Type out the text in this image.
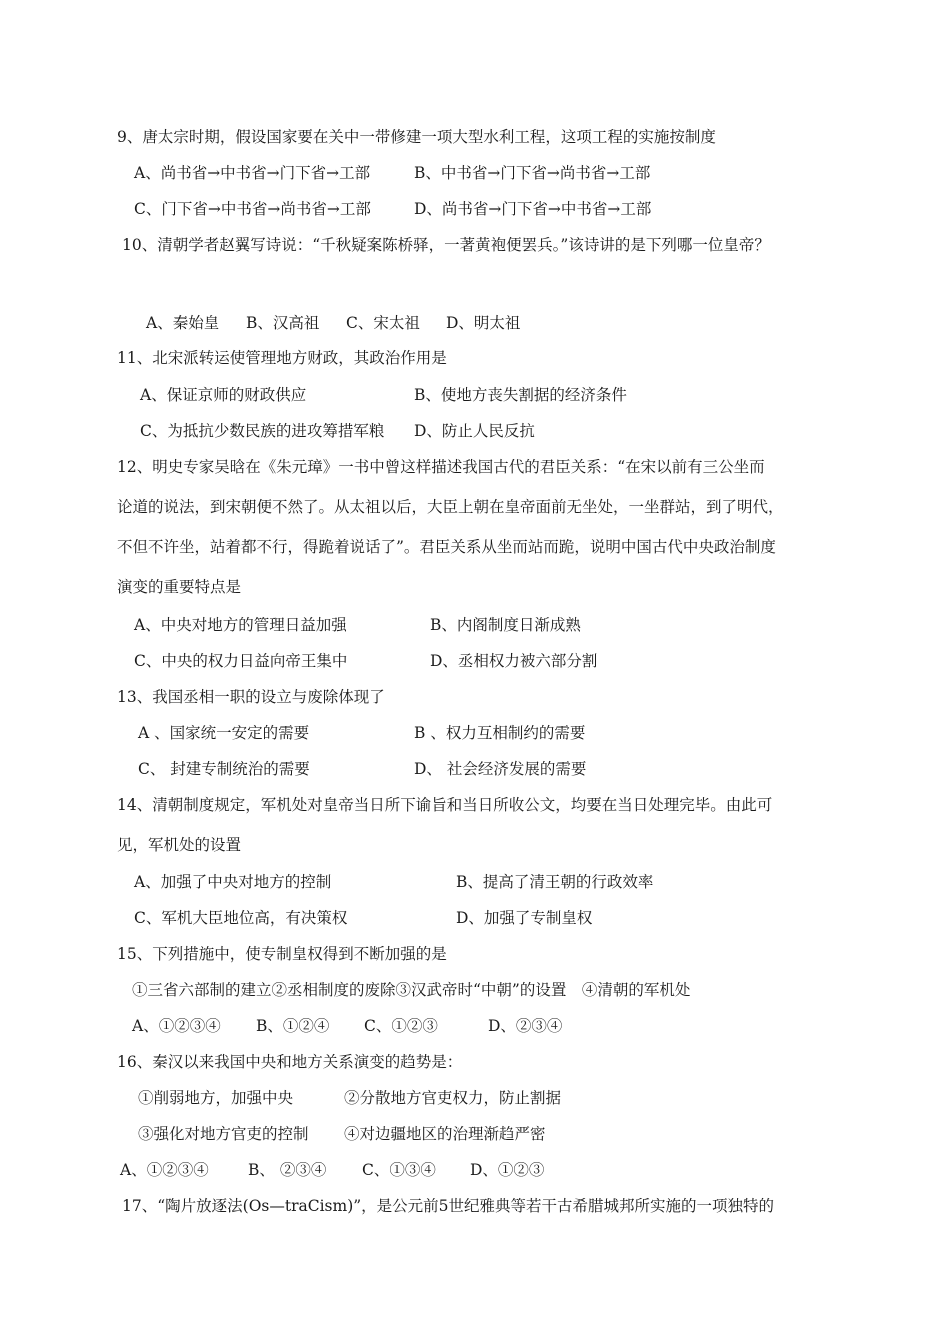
9、唐太宗时期，假设国家要在关中一带修建一项大型水利工程，这项工程的实施按制度
A、尚书省→中书省→门下省→工部	B、中书省→门下省→尚书省→工部
C、门下省→中书省→尚书省→工部	D、尚书省→门下省→中书省→工部
10、清朝学者赵翼写诗说：“千秋疑案陈桥驿，一著黄袍便罢兵。”该诗讲的是下列哪一位皇帝？
A、秦始皇 B、汉高祖 C、宋太祖 D、明太祖
11、北宋派转运使管理地方财政，其政治作用是
A、保证京师的财政供应	B、使地方丧失割据的经济条件
C、为抵抗少数民族的进攻筹措军粮 D、防止人民反抗
12、明史专家吴晗在《朱元璋》一书中曾这样描述我国古代的君臣关系：“在宋以前有三公坐而
论道的说法，到宋朝便不然了。从太祖以后，大臣上朝在皇帝面前无坐处，一坐群站，到了明代，
不但不许坐，站着都不行，得跪着说话了”。君臣关系从坐而站而跪，说明中国古代中央政治制度
演变的重要特点是
A、中央对地方的管理日益加强	B、内阁制度日渐成熟
C、中央的权力日益向帝王集中	D、丞相权力被六部分割
13、我国丞相一职的设立与废除体现了
A 、国家统一安定的需要	B 、权力互相制约的需要
C、 封建专制统治的需要	D、 社会经济发展的需要
14、清朝制度规定，军机处对皇帝当日所下谕旨和当日所收公文，均要在当日处理完毕。由此可
见，军机处的设置
A、加强了中央对地方的控制	B、提高了清王朝的行政效率
C、军机大臣地位高，有决策权	D、加强了专制皇权
15、下列措施中，使专制皇权得到不断加强的是
①三省六部制的建立②丞相制度的废除③汉武帝时“中朝”的设置　④清朝的军机处
A、①②③④ B、①②④ C、①②③	D、②③④
16、秦汉以来我国中央和地方关系演变的趋势是：
①削弱地方，加强中央	②分散地方官吏权力，防止割据
③强化对地方官吏的控制 ④对边疆地区的治理渐趋严密
A、①②③④	B、 ②③④ C、①③④ D、①②③
17、“陶片放逐法(Os—traCism)”，是公元前5世纪雅典等若干古希腊城邦所实施的一项独特的
